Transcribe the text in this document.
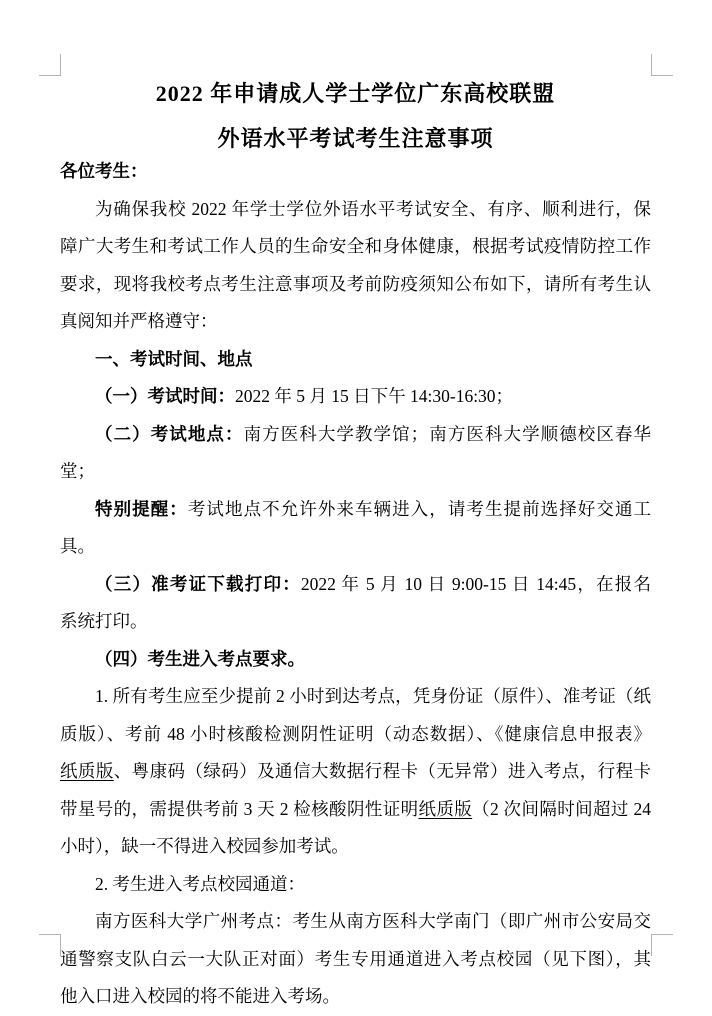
2022 年申请成人学士学位广东高校联盟
外语水平考试考生注意事项
各位考生：
为确保我校 2022 年学士学位外语水平考试安全、有序、顺利进行，保
障广大考生和考试工作人员的生命安全和身体健康，根据考试疫情防控工作
要求，现将我校考点考生注意事项及考前防疫须知公布如下，请所有考生认
真阅知并严格遵守：
一、考试时间、地点
（一）考试时间：2022 年 5 月 15 日下午 14:30-16:30；
（二）考试地点：南方医科大学教学馆；南方医科大学顺德校区春华堂；
特别提醒：考试地点不允许外来车辆进入，请考生提前选择好交通工具。
（三）准考证下载打印：2022 年 5 月 10 日 9:00-15 日 14:45，在报名
系统打印。
（四）考生进入考点要求。
1. 所有考生应至少提前 2 小时到达考点，凭身份证（原件）、准考证（纸
质版）、考前 48 小时核酸检测阴性证明（动态数据）、《健康信息申报表》
纸质版、粤康码（绿码）及通信大数据行程卡（无异常）进入考点，行程卡
带星号的，需提供考前 3 天 2 检核酸阴性证明纸质版（2 次间隔时间超过 24
小时），缺一不得进入校园参加考试。
2. 考生进入考点校园通道：
南方医科大学广州考点：考生从南方医科大学南门（即广州市公安局交
通警察支队白云一大队正对面）考生专用通道进入考点校园（见下图），其
他入口进入校园的将不能进入考场。
